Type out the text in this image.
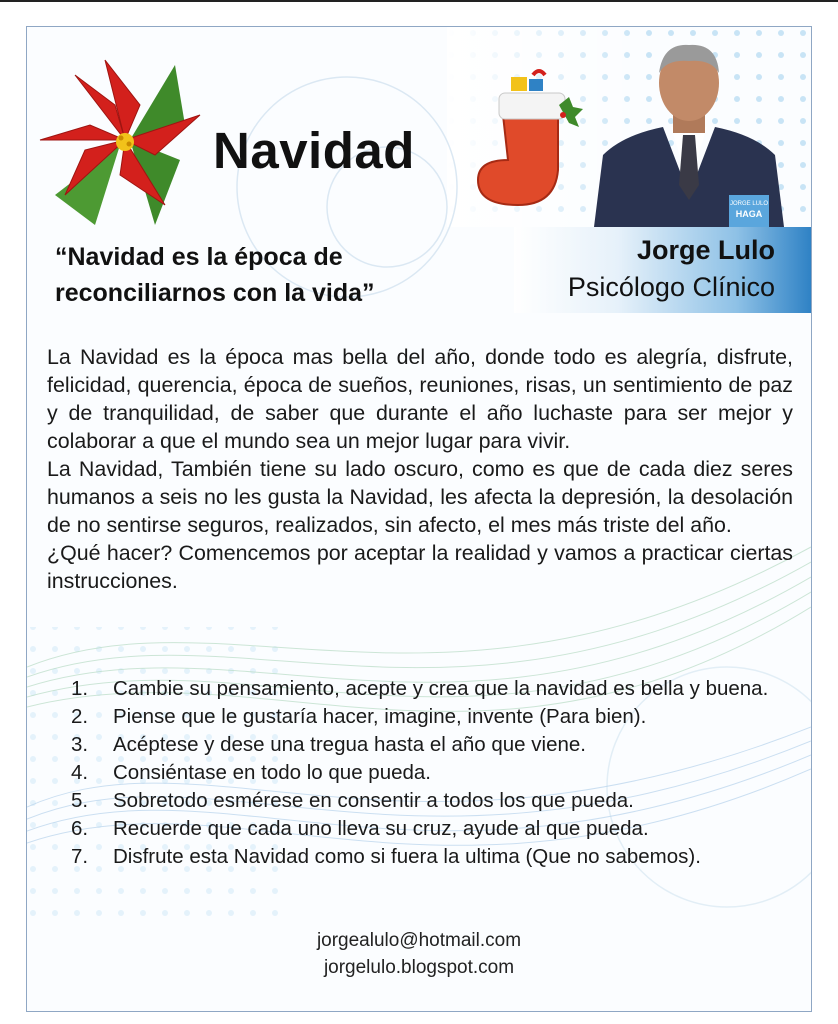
Navidad
JORGE LULO
HAGA
Jorge Lulo
Psicólogo Clínico
“Navidad es la época de
reconciliarnos con la vida”

La Navidad es la época mas bella del año, donde todo es alegría, disfrute, felicidad, querencia, época de sueños, reuniones, risas, un sentimiento de paz y de tranquilidad, de saber que durante el año luchaste para ser mejor y colaborar a que el mundo sea un mejor lugar para vivir.

La Navidad, También tiene su lado oscuro, como es que de cada diez seres humanos a seis no les gusta la Navidad, les afecta la depresión, la desolación de no sentirse seguros, realizados, sin afecto, el mes más triste del año.

¿Qué hacer? Comencemos por aceptar la realidad y vamos a practicar ciertas instrucciones.

1. Cambie su pensamiento, acepte y crea que la navidad es bella y buena.
2. Piense que le gustaría hacer, imagine, invente (Para bien).
3. Acéptese y dese una tregua hasta el año que viene.
4. Consiéntase en todo lo que pueda.
5. Sobretodo esmérese en consentir a todos los que pueda.
6. Recuerde que cada uno lleva su cruz, ayude al que pueda.
7. Disfrute esta Navidad como si fuera la ultima (Que no sabemos).
jorgealulo@hotmail.com
jorgelulo.blogspot.com
